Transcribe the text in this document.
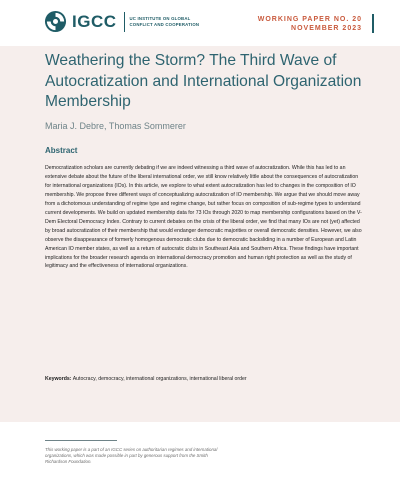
IGCC	UC INSTITUTE ON GLOBAL CONFLICT AND COOPERATION
WORKING PAPER NO. 20
NOVEMBER 2023
Weathering the Storm? The Third Wave of Autocratization and International Organization Membership
Maria J. Debre, Thomas Sommerer
Abstract

Democratization scholars are currently debating if we are indeed witnessing a third wave of autocratization. While this has led to an extensive debate about the future of the liberal international order, we still know relatively little about the consequences of autocratization for international organizations (IOs). In this article, we explore to what extent autocratization has led to changes in the composition of IO membership. We propose three different ways of conceptualizing autocratization of IO membership. We argue that we should move away from a dichotomous understanding of regime type and regime change, but rather focus on composition of sub-regime types to understand current developments. We build on updated membership data for 73 IOs through 2020 to map membership configurations based on the V-Dem Electoral Democracy Index. Contrary to current debates on the crisis of the liberal order, we find that many IOs are not (yet) affected by broad autocratization of their membership that would endanger democratic majorities or overall democratic densities. However, we also observe the disappearance of formerly homogenous democratic clubs due to democratic backsliding in a number of European and Latin American IO member states, as well as a return of autocratic clubs in Southeast Asia and Southern Africa. These findings have important implications for the broader research agenda on international democracy promotion and human right protection as well as the study of legitimacy and the effectiveness of international organizations.

Keywords: Autocracy, democracy, international organizations, international liberal order

This working paper is a part of an IGCC series on authoritarian regimes and international organizations, which was made possible in part by generous support from the Smith Richardson Foundation.
